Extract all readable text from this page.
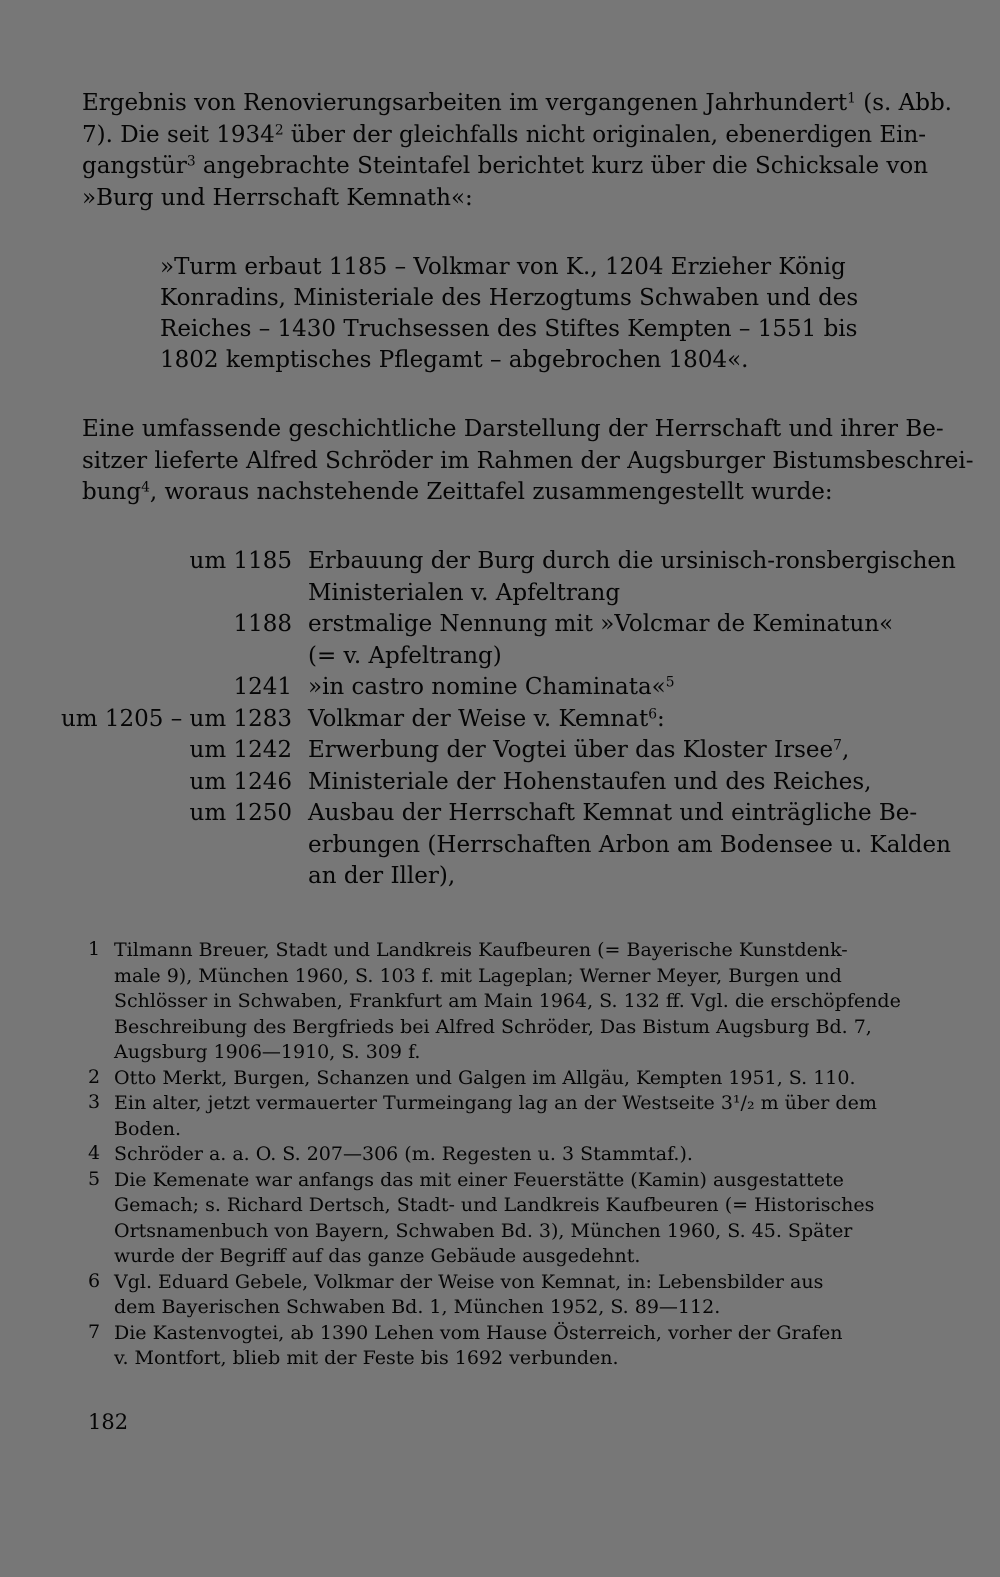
Ergebnis von Renovierungsarbeiten im vergangenen Jahrhundert$^1$ (s. Abb.
7). Die seit 1934$^2$ über der gleichfalls nicht originalen, ebenerdigen Ein-
gangstür$^3$ angebrachte Steintafel berichtet kurz über die Schicksale von
»Burg und Herrschaft Kemnath«:
»Turm erbaut 1185 – Volkmar von K., 1204 Erzieher König
Konradins, Ministeriale des Herzogtums Schwaben und des
Reiches – 1430 Truchsessen des Stiftes Kempten – 1551 bis
1802 kemptisches Pflegamt – abgebrochen 1804«.
Eine umfassende geschichtliche Darstellung der Herrschaft und ihrer Be-
sitzer lieferte Alfred Schröder im Rahmen der Augsburger Bistumsbeschrei-
bung$^4$, woraus nachstehende Zeittafel zusammengestellt wurde:
um 1185 Erbauung der Burg durch die ursinisch-ronsbergischen
Ministerialen v. Apfeltrang
1188 erstmalige Nennung mit »Volcmar de Keminatun«
(= v. Apfeltrang)
1241 »in castro nomine Chaminata«$^5$
um 1205 – um 1283 Volkmar der Weise v. Kemnat$^6$:
um 1242 Erwerbung der Vogtei über das Kloster Irsee$^7$,
um 1246 Ministeriale der Hohenstaufen und des Reiches,
um 1250 Ausbau der Herrschaft Kemnat und einträgliche Be-
erbungen (Herrschaften Arbon am Bodensee u. Kalden
an der Iller),
1 Tilmann Breuer, Stadt und Landkreis Kaufbeuren (= Bayerische Kunstdenk-
male 9), München 1960, S. 103 f. mit Lageplan; Werner Meyer, Burgen und
Schlösser in Schwaben, Frankfurt am Main 1964, S. 132 ff. Vgl. die erschöpfende
Beschreibung des Bergfrieds bei Alfred Schröder, Das Bistum Augsburg Bd. 7,
Augsburg 1906—1910, S. 309 f.
2 Otto Merkt, Burgen, Schanzen und Galgen im Allgäu, Kempten 1951, S. 110.
3 Ein alter, jetzt vermauerter Turmeingang lag an der Westseite 3¹/₂ m über dem
Boden.
4 Schröder a. a. O. S. 207—306 (m. Regesten u. 3 Stammtaf.).
5 Die Kemenate war anfangs das mit einer Feuerstätte (Kamin) ausgestattete
Gemach; s. Richard Dertsch, Stadt- und Landkreis Kaufbeuren (= Historisches
Ortsnamenbuch von Bayern, Schwaben Bd. 3), München 1960, S. 45. Später
wurde der Begriff auf das ganze Gebäude ausgedehnt.
6 Vgl. Eduard Gebele, Volkmar der Weise von Kemnat, in: Lebensbilder aus
dem Bayerischen Schwaben Bd. 1, München 1952, S. 89—112.
7 Die Kastenvogtei, ab 1390 Lehen vom Hause Österreich, vorher der Grafen
v. Montfort, blieb mit der Feste bis 1692 verbunden.
182
